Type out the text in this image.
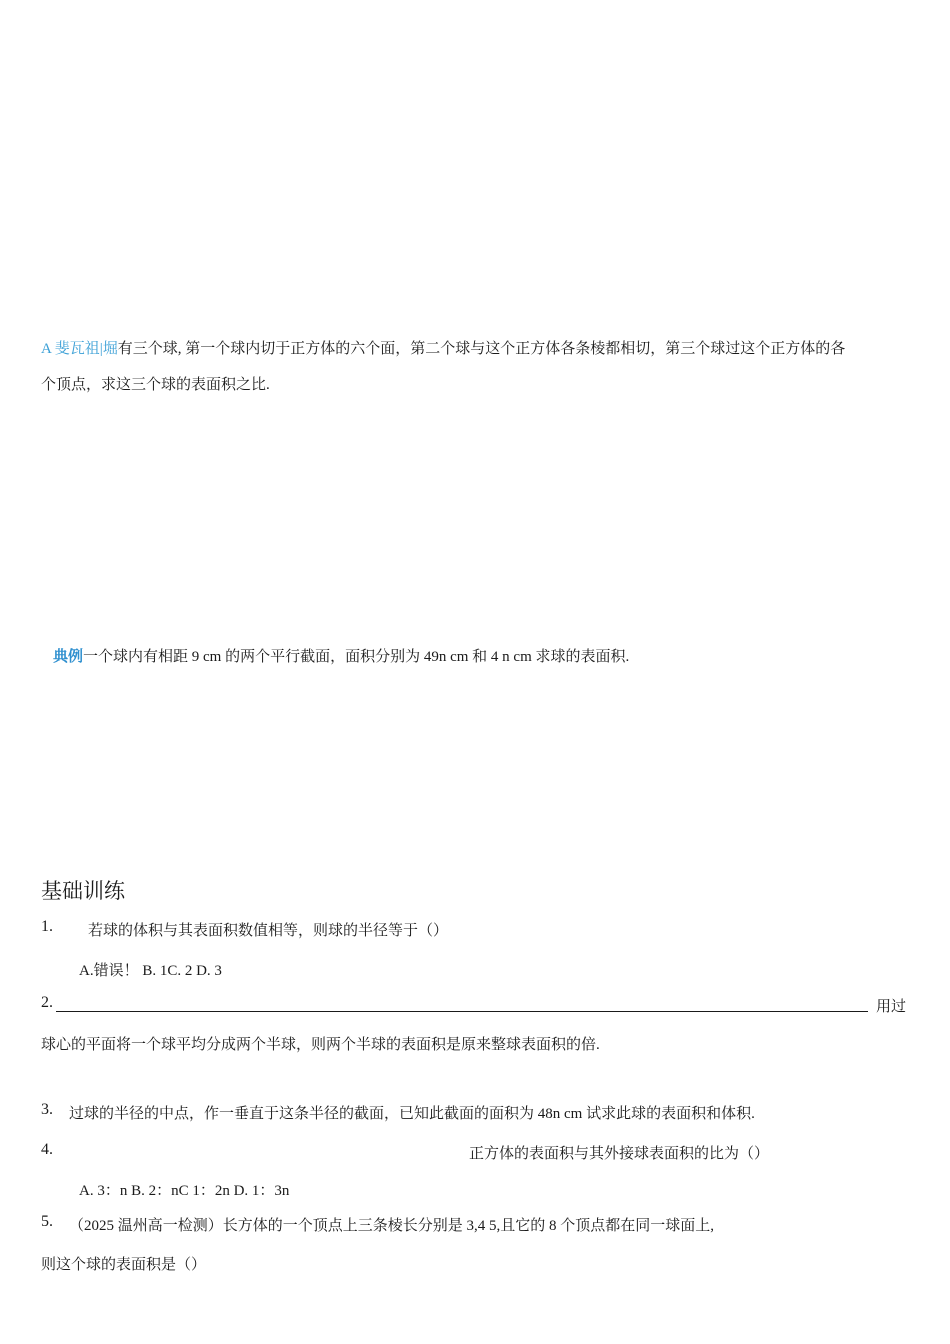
A 斐瓦祖|堀有三个球, 第一个球内切于正方体的六个面，第二个球与这个正方体各条棱都相切，第三个球过这个正方体的各
个顶点，求这三个球的表面积之比.
典例一个球内有相距 9 cm 的两个平行截面，面积分别为 49n cm 和 4 n cm 求球的表面积.
基础训练
1. 若球的体积与其表面积数值相等，则球的半径等于（）
A.错误！ B. 1C. 2 D. 3
2.	用过
球心的平面将一个球平均分成两个半球，则两个半球的表面积是原来整球表面积的倍.
3. 过球的半径的中点，作一垂直于这条半径的截面，已知此截面的面积为 48n cm 试求此球的表面积和体积.
4.	正方体的表面积与其外接球表面积的比为（）
A. 3：n B. 2：nC 1：2n D. 1：3n
5. （2025 温州高一检测）长方体的一个顶点上三条棱长分别是 3,4 5,且它的 8 个顶点都在同一球面上,
则这个球的表面积是（）
